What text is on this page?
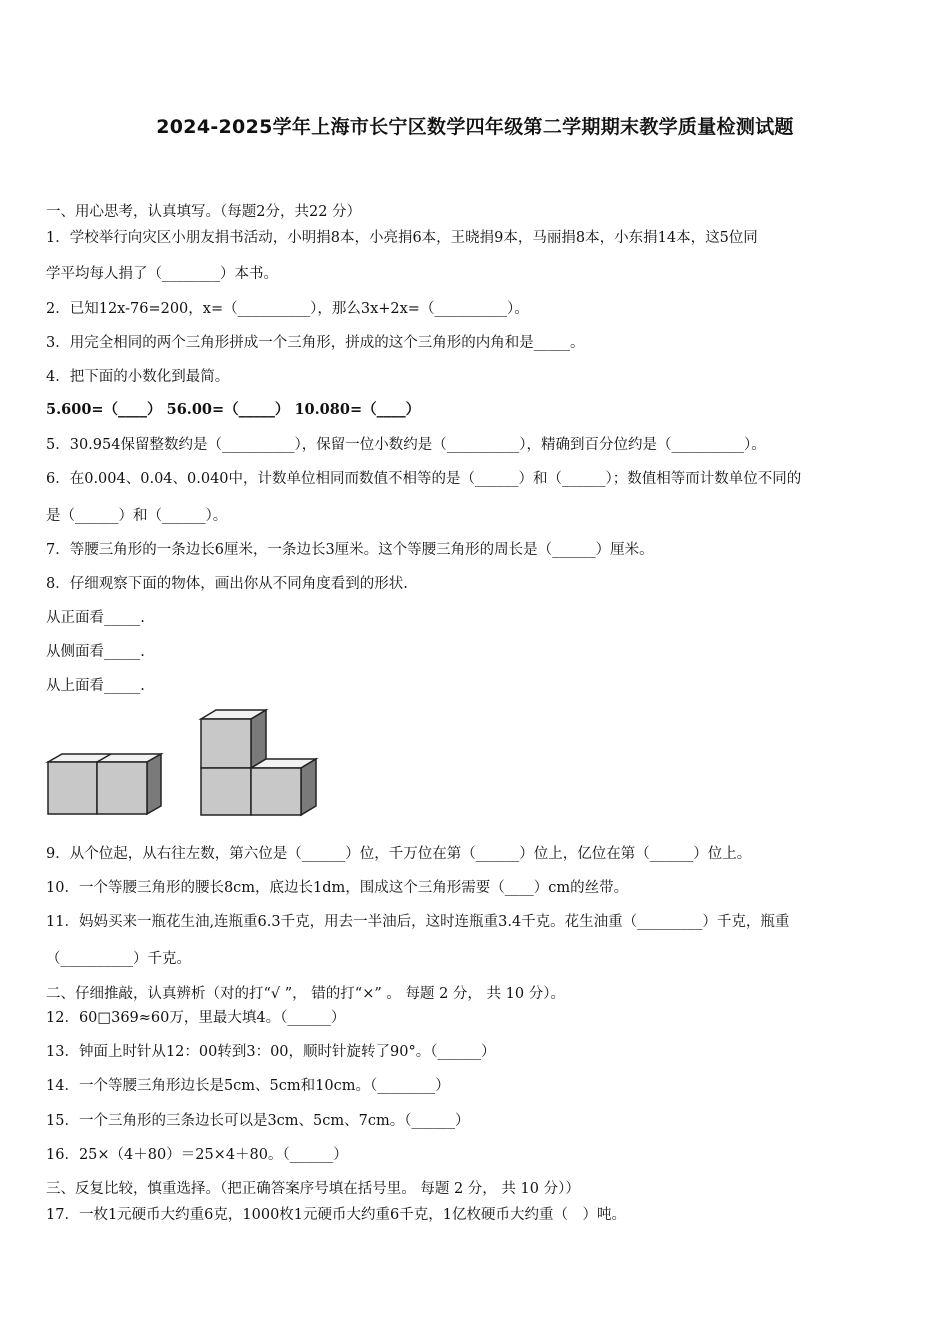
2024-2025学年上海市长宁区数学四年级第二学期期末教学质量检测试题
一、用心思考，认真填写。（每题2分，共22 分）
1．学校举行向灾区小朋友捐书活动，小明捐8本，小亮捐6本，王晓捐9本，马丽捐8本，小东捐14本，这5位同
学平均每人捐了（________）本书。
2．已知12x-76=200，x=（__________），那么3x+2x=（__________）。
3．用完全相同的两个三角形拼成一个三角形，拼成的这个三角形的内角和是_____。
4．把下面的小数化到最简。
5.600=（____） 56.00=（_____） 10.080=（____）
5．30.954保留整数约是（__________），保留一位小数约是（__________），精确到百分位约是（__________）。
6．在0.004、0.04、0.040中，计数单位相同而数值不相等的是（______）和（______）；数值相等而计数单位不同的
是（______）和（______）。
7．等腰三角形的一条边长6厘米，一条边长3厘米。这个等腰三角形的周长是（______）厘米。
8．仔细观察下面的物体，画出你从不同角度看到的形状.
从正面看_____.
从侧面看_____.
从上面看_____.
9．从个位起，从右往左数，第六位是（______）位，千万位在第（______）位上，亿位在第（______）位上。
10．一个等腰三角形的腰长8cm，底边长1dm，围成这个三角形需要（____）cm的丝带。
11．妈妈买来一瓶花生油,连瓶重6.3千克，用去一半油后，这时连瓶重3.4千克。花生油重（_________）千克，瓶重
（__________）千克。
二、仔细推敲，认真辨析（对的打“√ ”， 错的打“×” 。 每题 2 分， 共 10 分）。
12．60□369≈60万，里最大填4。（______）
13．钟面上时针从12：00转到3：00，顺时针旋转了90°。（______）
14．一个等腰三角形边长是5cm、5cm和10cm。（________）
15．一个三角形的三条边长可以是3cm、5cm、7cm。（______）
16．25×（4＋80）＝25×4＋80。（______）
三、反复比较，慎重选择。（把正确答案序号填在括号里。 每题 2 分， 共 10 分））
17．一枚1元硬币大约重6克，1000枚1元硬币大约重6千克，1亿枚硬币大约重（　）吨。
